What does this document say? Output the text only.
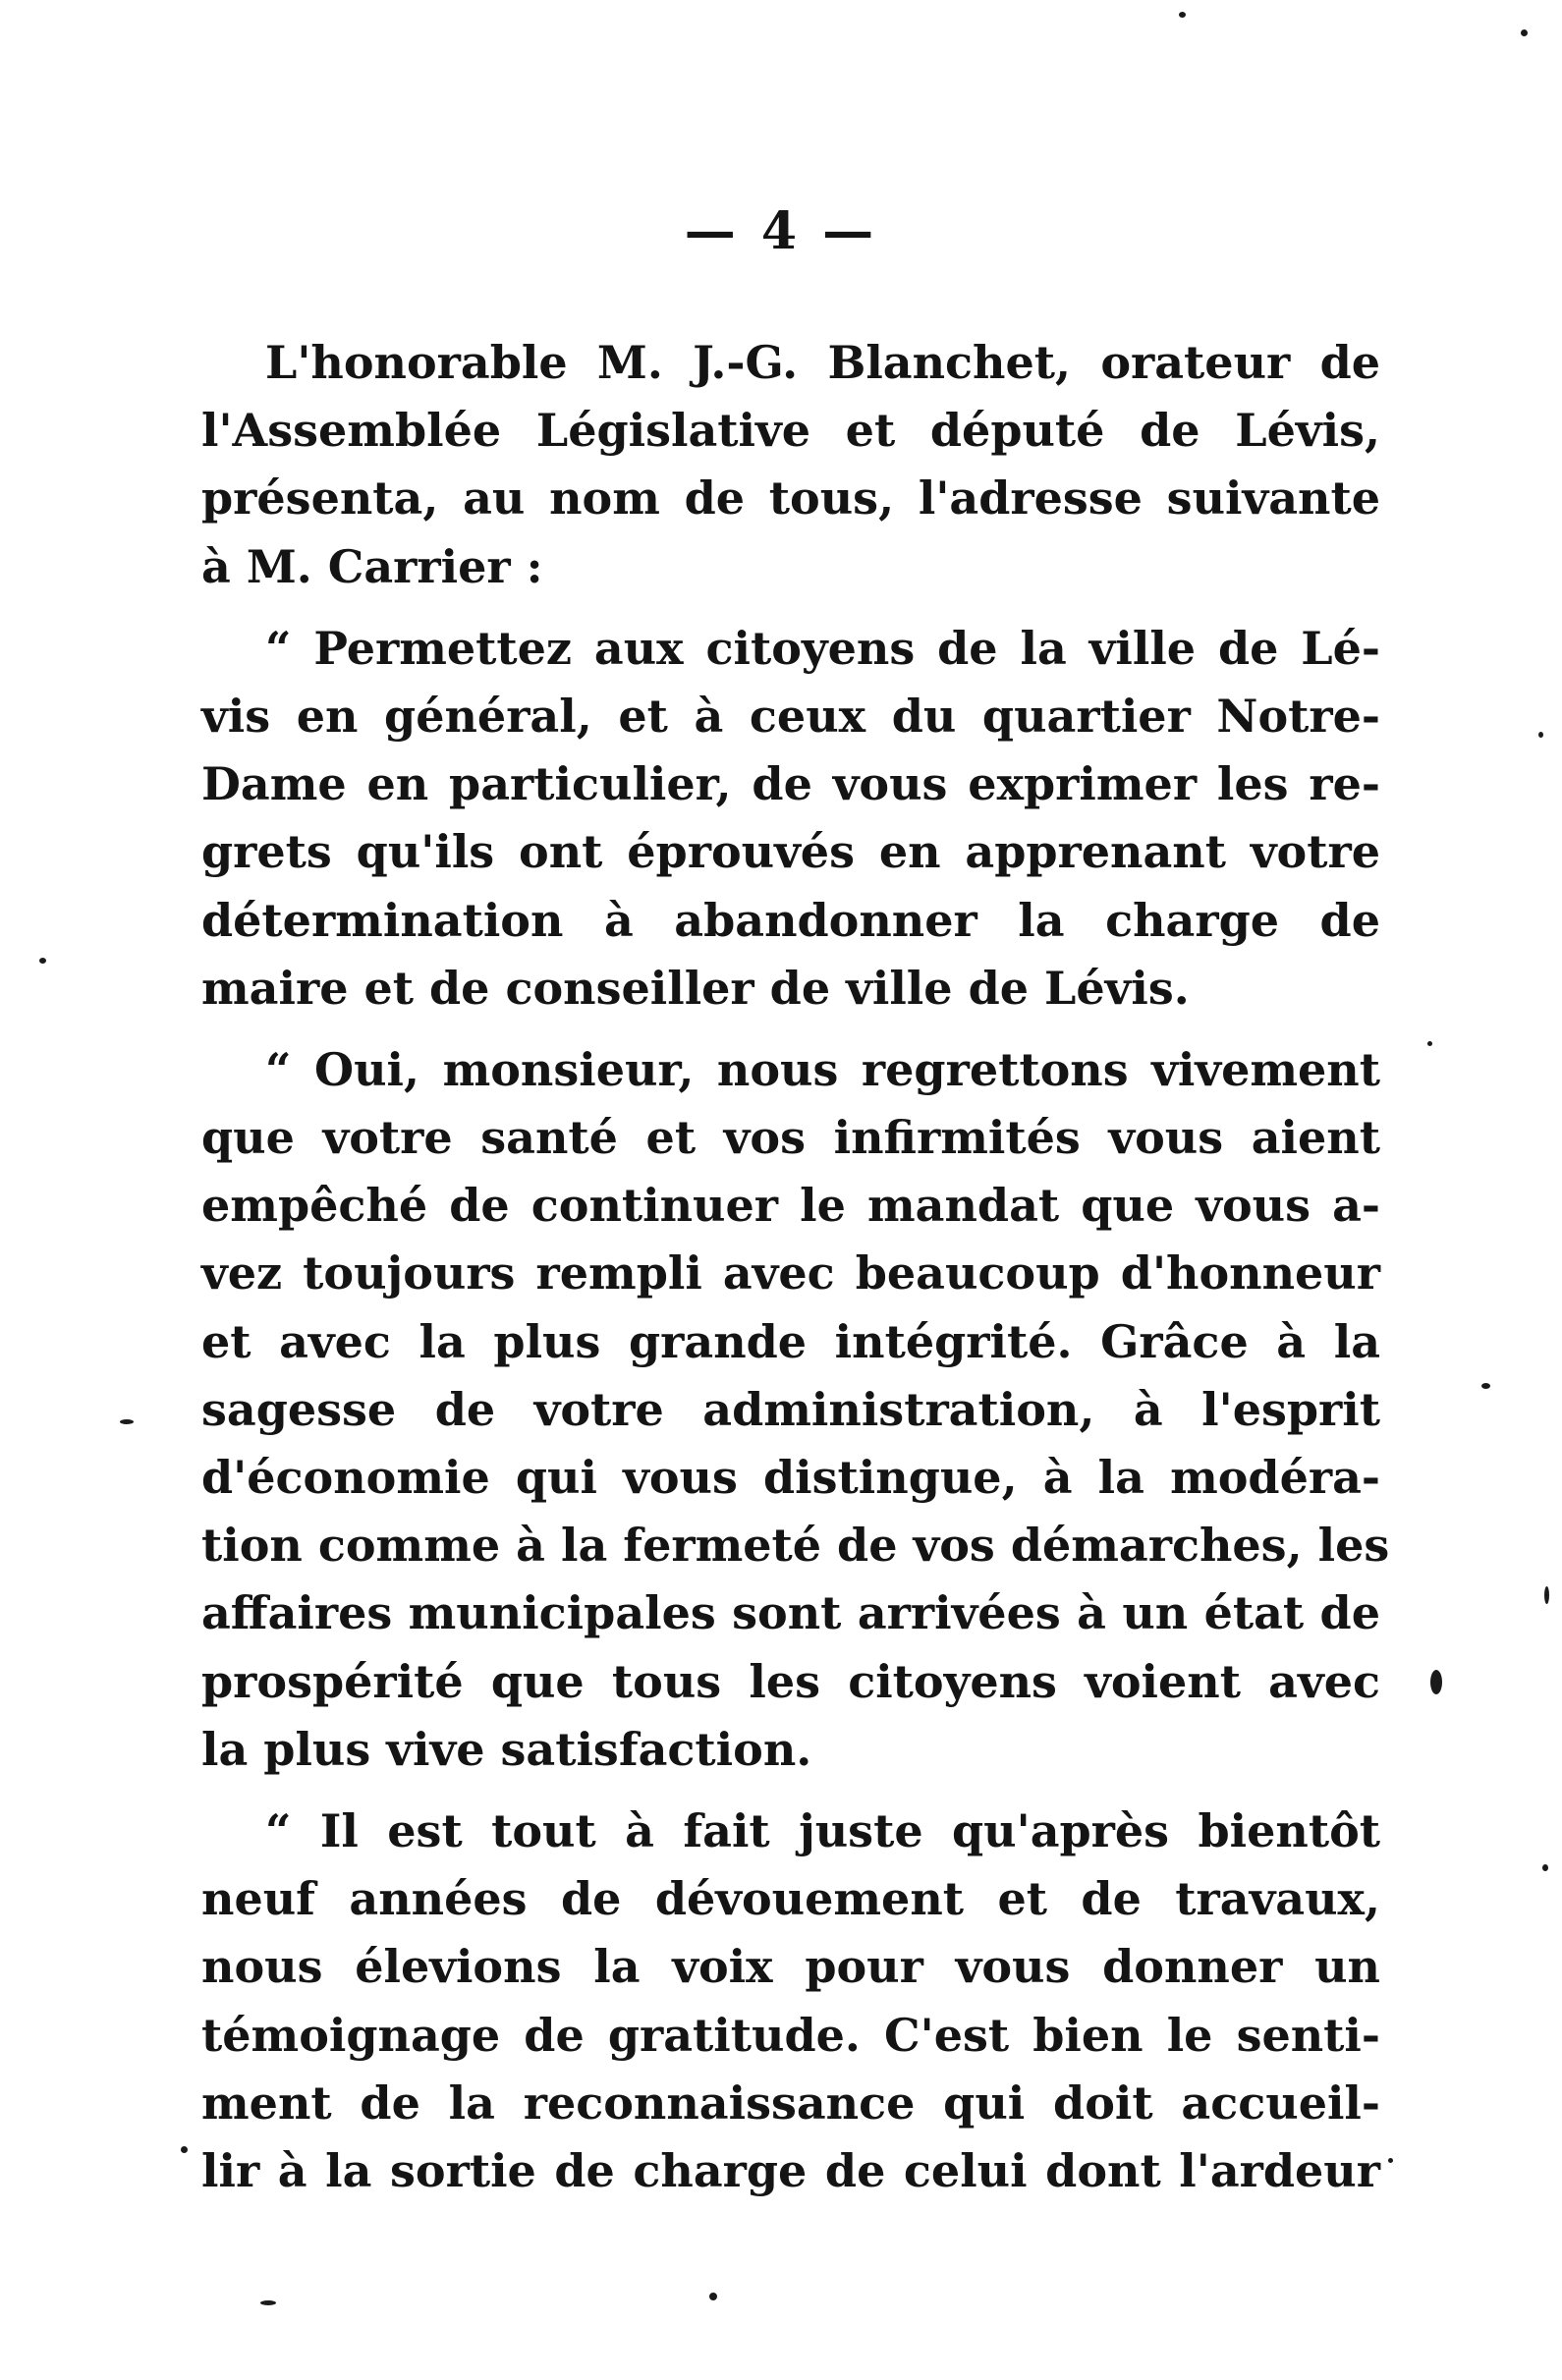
— 4 —
L'honorable M. J.-G. Blanchet, orateur de
l'Assemblée Législative et député de Lévis,
présenta, au nom de tous, l'adresse suivante
à M. Carrier :
“ Permettez aux citoyens de la ville de Lé-
vis en général, et à ceux du quartier Notre-
Dame en particulier, de vous exprimer les re-
grets qu'ils ont éprouvés en apprenant votre
détermination à abandonner la charge de
maire et de conseiller de ville de Lévis.
“ Oui, monsieur, nous regrettons vivement
que votre santé et vos infirmités vous aient
empêché de continuer le mandat que vous a-
vez toujours rempli avec beaucoup d'honneur
et avec la plus grande intégrité. Grâce à la
sagesse de votre administration, à l'esprit
d'économie qui vous distingue, à la modéra-
tion comme à la fermeté de vos démarches, les
affaires municipales sont arrivées à un état de
prospérité que tous les citoyens voient avec
la plus vive satisfaction.
“ Il est tout à fait juste qu'après bientôt
neuf années de dévouement et de travaux,
nous élevions la voix pour vous donner un
témoignage de gratitude. C'est bien le senti-
ment de la reconnaissance qui doit accueil-
lir à la sortie de charge de celui dont l'ardeur
